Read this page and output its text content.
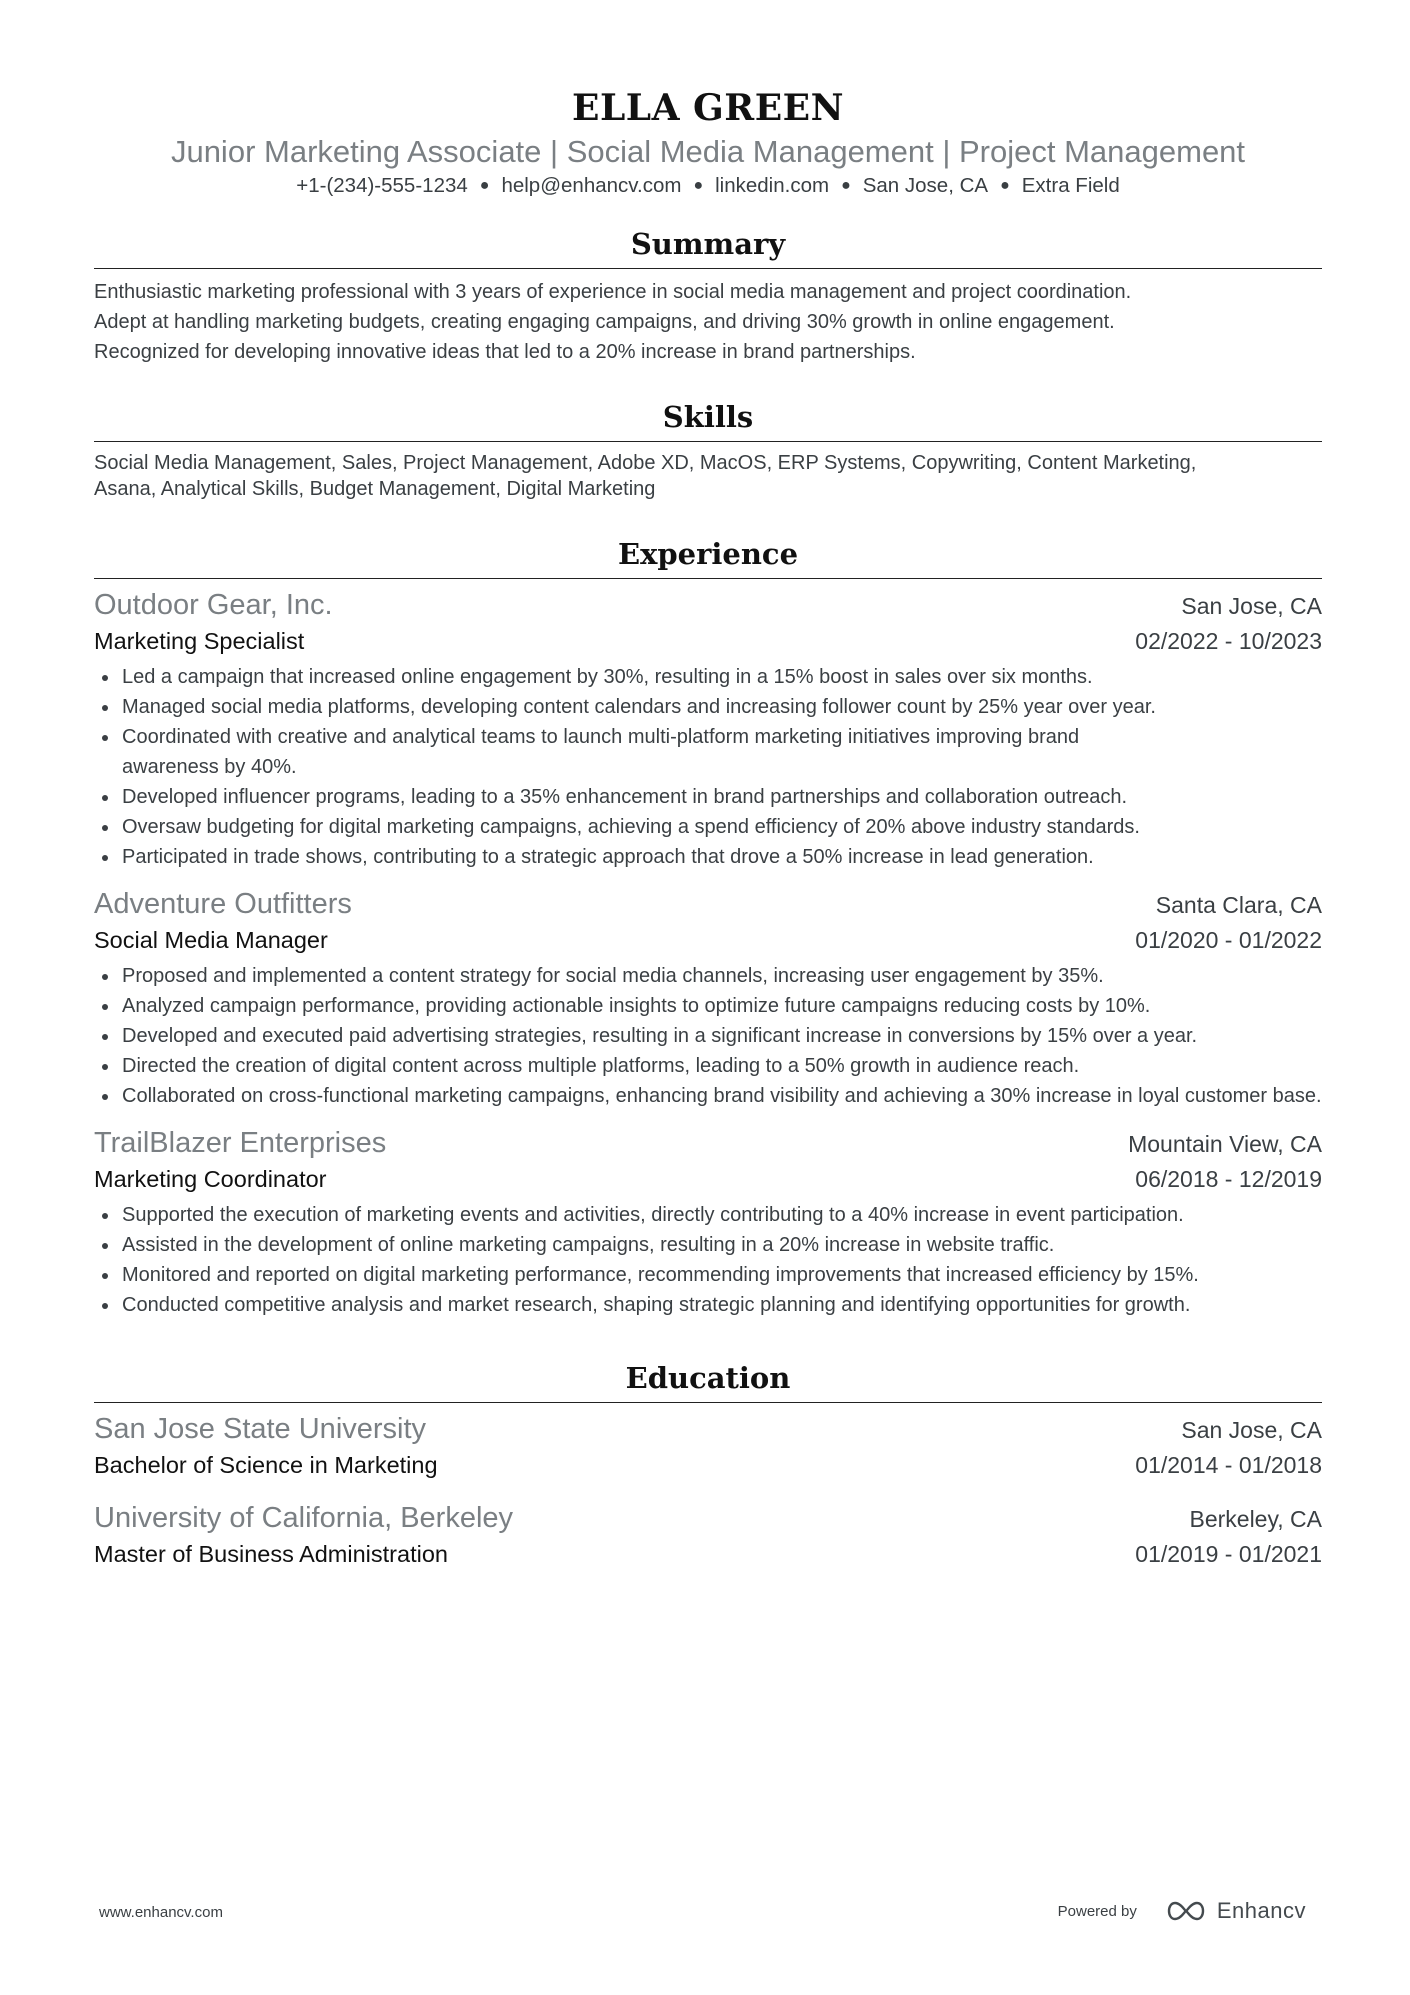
ELLA GREEN
Junior Marketing Associate | Social Media Management | Project Management
+1-(234)-555-1234 ● help@enhancv.com ● linkedin.com ● San Jose, CA ● Extra Field
Summary
Enthusiastic marketing professional with 3 years of experience in social media management and project coordination.
Adept at handling marketing budgets, creating engaging campaigns, and driving 30% growth in online engagement.
Recognized for developing innovative ideas that led to a 20% increase in brand partnerships.
Skills
Social Media Management, Sales, Project Management, Adobe XD, MacOS, ERP Systems, Copywriting, Content Marketing,
Asana, Analytical Skills, Budget Management, Digital Marketing
Experience
Outdoor Gear, Inc.	San Jose, CA
Marketing Specialist	02/2022 - 10/2023
Led a campaign that increased online engagement by 30%, resulting in a 15% boost in sales over six months.
Managed social media platforms, developing content calendars and increasing follower count by 25% year over year.
Coordinated with creative and analytical teams to launch multi-platform marketing initiatives improving brand awareness by 40%.
Developed influencer programs, leading to a 35% enhancement in brand partnerships and collaboration outreach.
Oversaw budgeting for digital marketing campaigns, achieving a spend efficiency of 20% above industry standards.
Participated in trade shows, contributing to a strategic approach that drove a 50% increase in lead generation.
Adventure Outfitters	Santa Clara, CA
Social Media Manager	01/2020 - 01/2022
Proposed and implemented a content strategy for social media channels, increasing user engagement by 35%.
Analyzed campaign performance, providing actionable insights to optimize future campaigns reducing costs by 10%.
Developed and executed paid advertising strategies, resulting in a significant increase in conversions by 15% over a year.
Directed the creation of digital content across multiple platforms, leading to a 50% growth in audience reach.
Collaborated on cross-functional marketing campaigns, enhancing brand visibility and achieving a 30% increase in loyal customer base.
TrailBlazer Enterprises	Mountain View, CA
Marketing Coordinator	06/2018 - 12/2019
Supported the execution of marketing events and activities, directly contributing to a 40% increase in event participation.
Assisted in the development of online marketing campaigns, resulting in a 20% increase in website traffic.
Monitored and reported on digital marketing performance, recommending improvements that increased efficiency by 15%.
Conducted competitive analysis and market research, shaping strategic planning and identifying opportunities for growth.
Education
San Jose State University	San Jose, CA
Bachelor of Science in Marketing	01/2014 - 01/2018
University of California, Berkeley	Berkeley, CA
Master of Business Administration	01/2019 - 01/2021
www.enhancv.com	Powered by	Enhancv
